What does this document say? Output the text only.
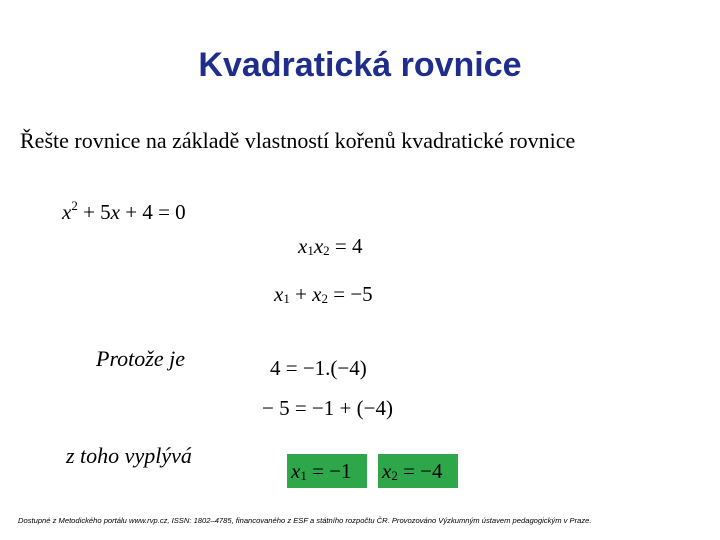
Kvadratická rovnice
Řešte rovnice na základě vlastností kořenů kvadratické rovnice
$x^2 + 5x + 4 = 0$
$x_1x_2 = 4$
$x_1 + x_2 = -5$
Protože je	4 = −1.(−4)
− 5 = −1 + (−4)
z toho vyplývá
$x_1 = -1$	$x_2 = -4$
Dostupné z Metodického portálu www.rvp.cz, ISSN: 1802–4785, financovaného z ESF a státního rozpočtu ČR. Provozováno Výzkumným ústavem pedagogickým v Praze.
